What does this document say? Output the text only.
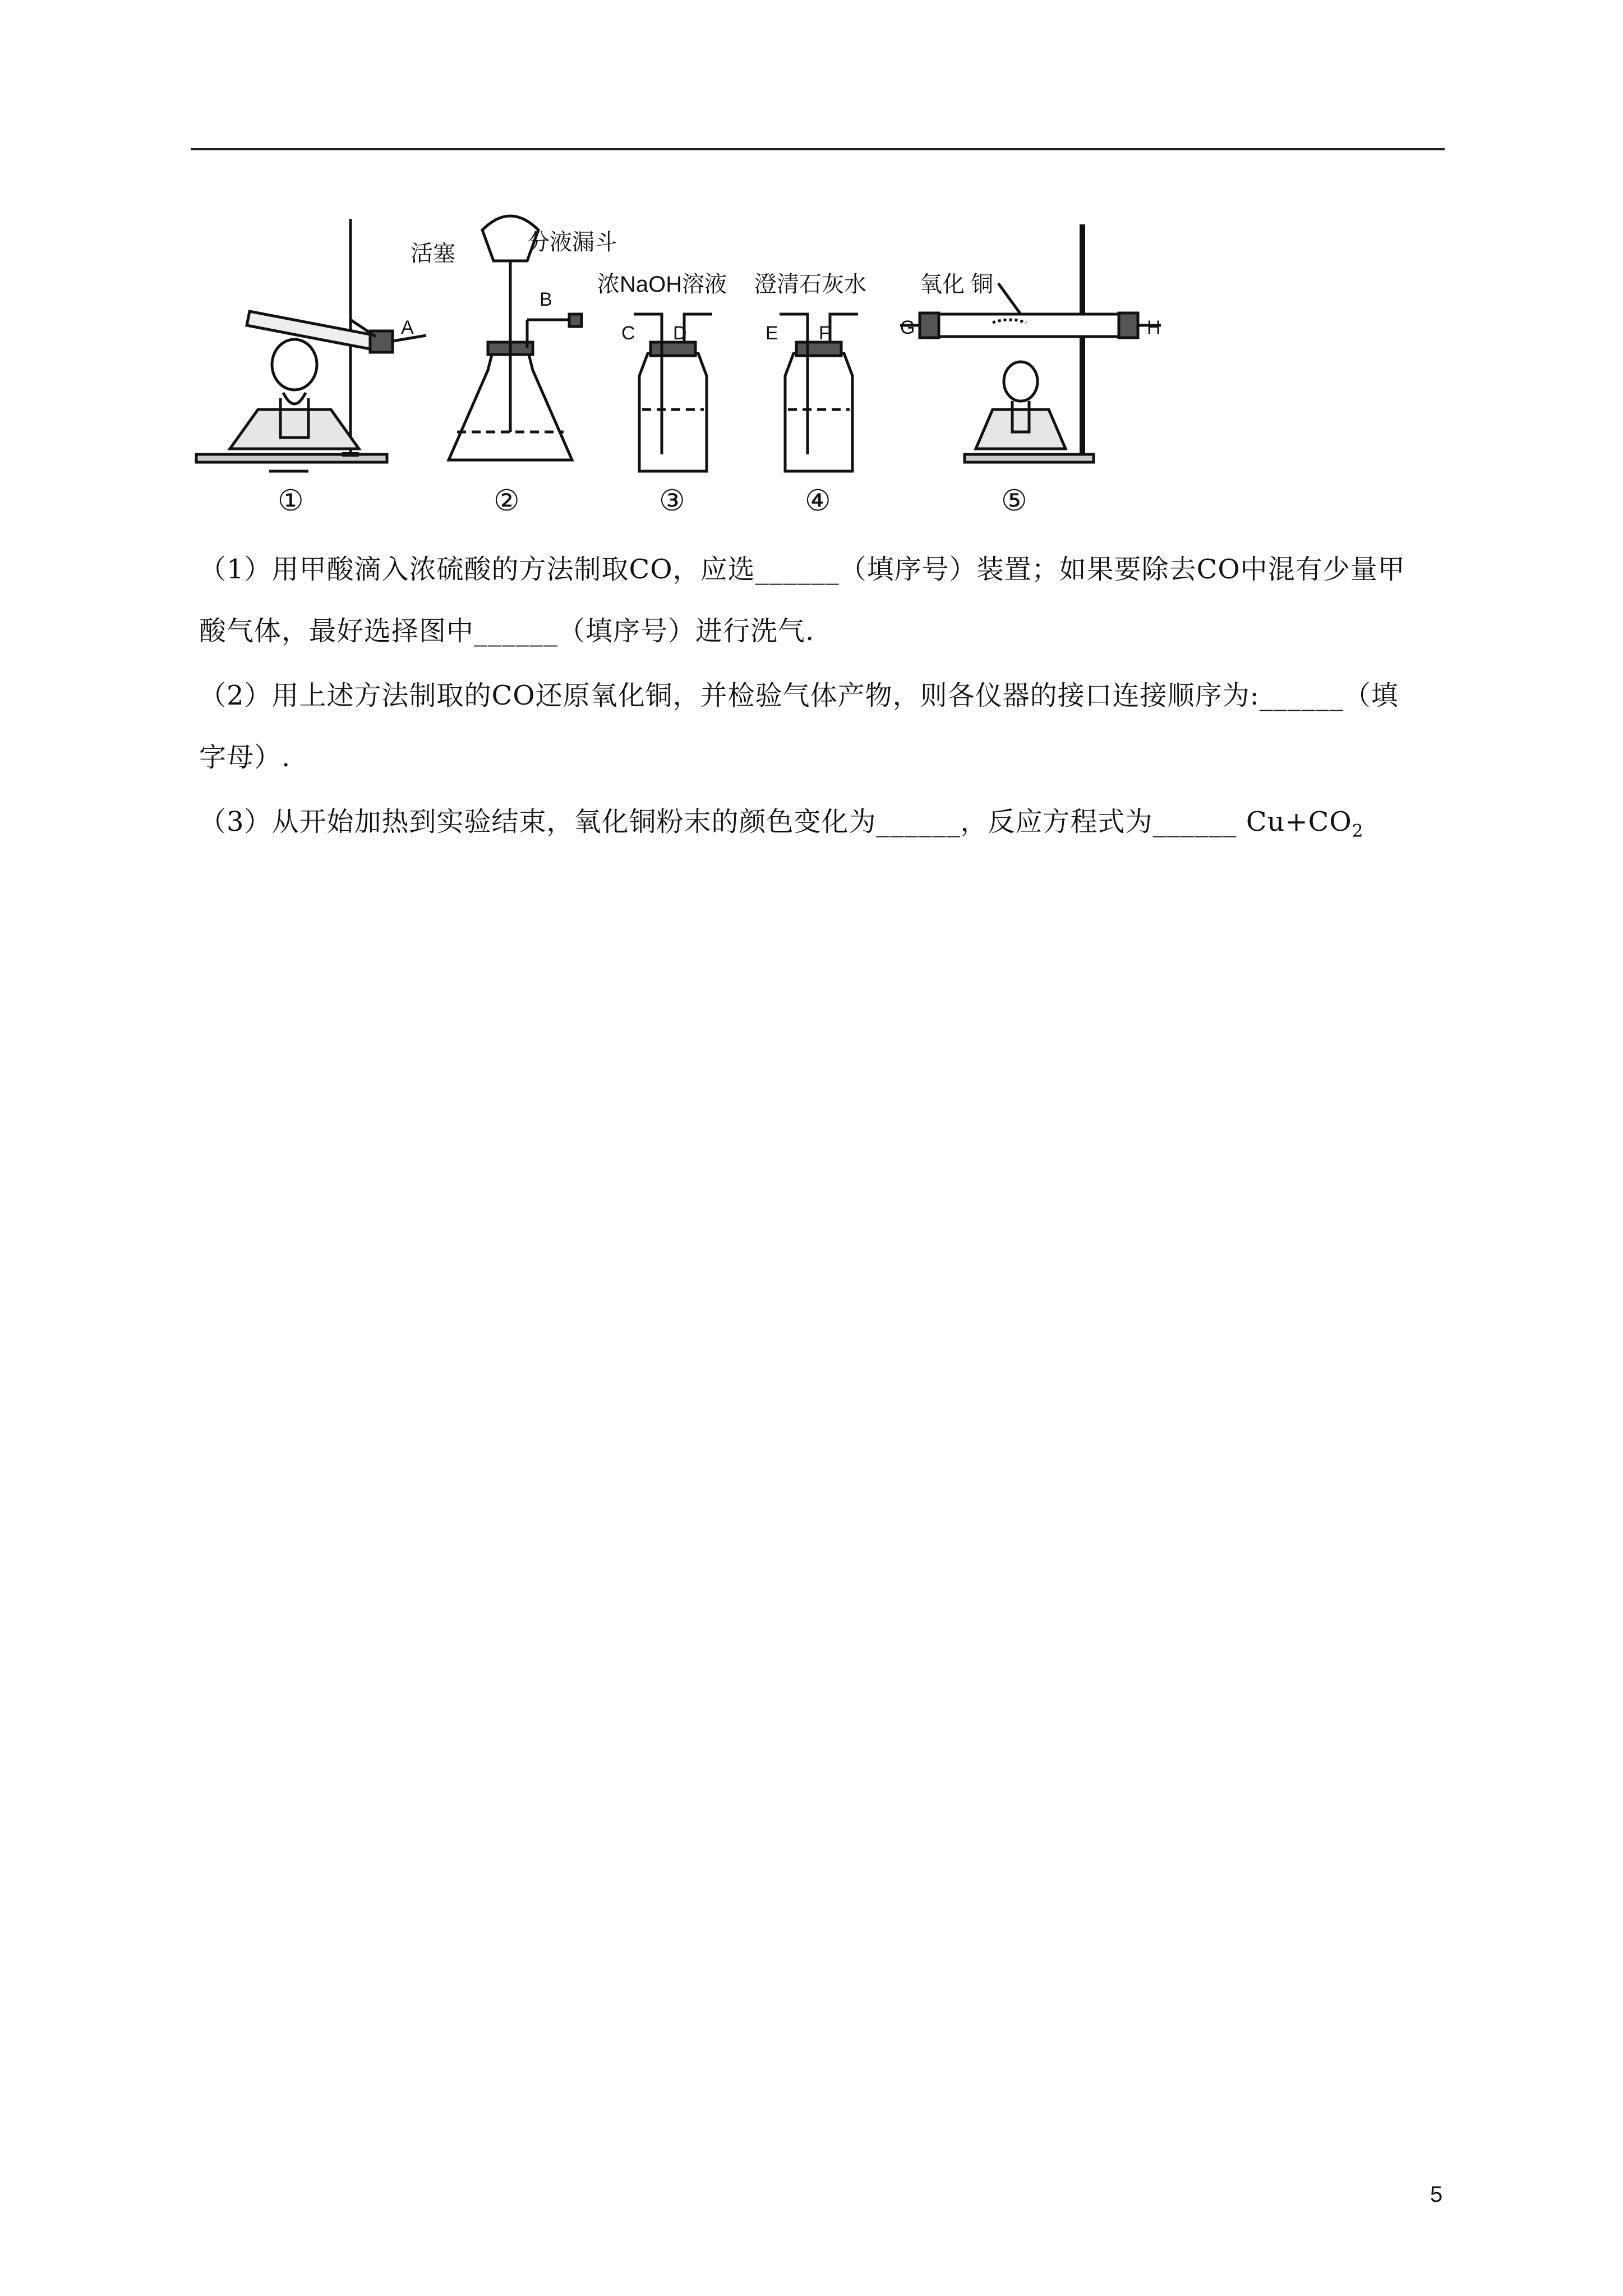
活塞	分液漏斗
浓NaOH溶液 澄清石灰水 氧化 铜
A
B
C D	E F	G	H
①	②	③	④	⑤
（1）用甲酸滴入浓硫酸的方法制取CO，应选______（填序号）装置；如果要除去CO中混有少量甲
酸气体，最好选择图中______（填序号）进行洗气.
（2）用上述方法制取的CO还原氧化铜，并检验气体产物，则各仪器的接口连接顺序为:______（填
字母）.
（3）从开始加热到实验结束，氧化铜粉末的颜色变化为______，反应方程式为______ $Cu+CO_2$
5
